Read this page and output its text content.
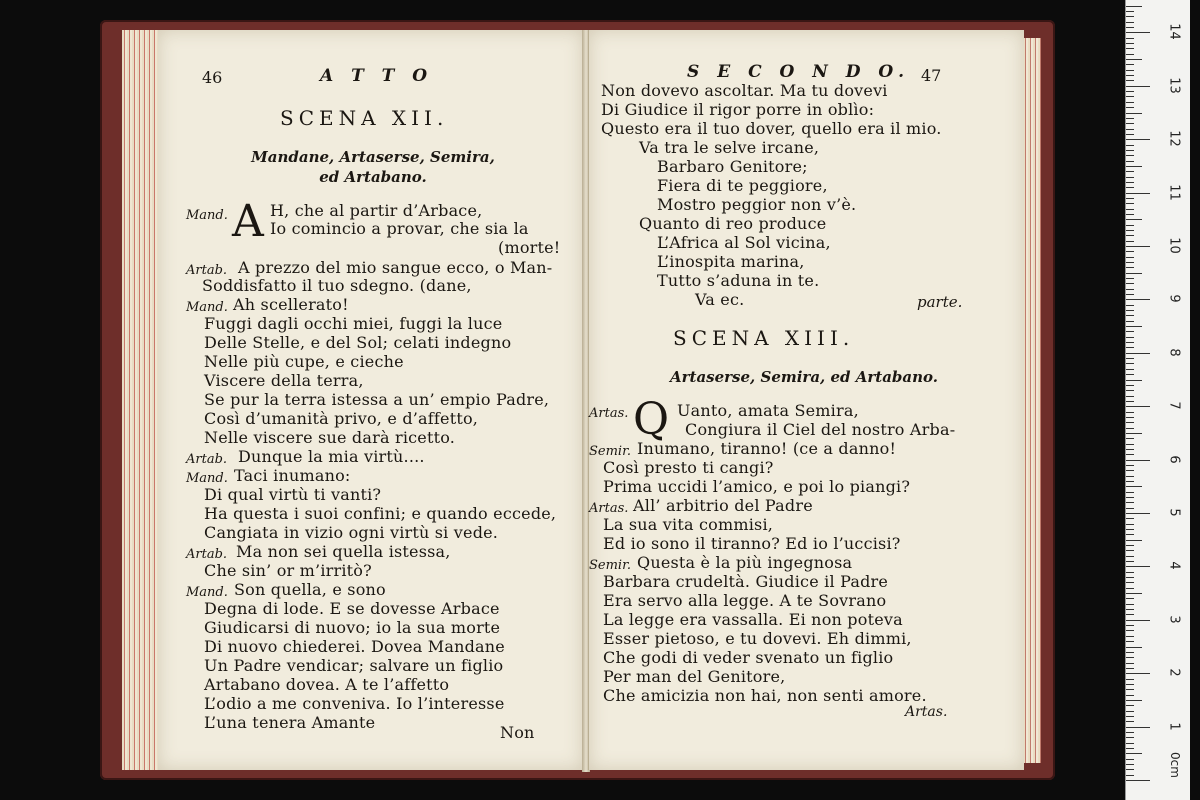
46	A T T O
SCENA XII.
Mandane, Artaserse, Semira,
ed Artabano.
Mand. A H, che al partir d’Arbace,
Io comincio a provar, che sia la
(morte!
Artab. A prezzo del mio sangue ecco, o Man-
Soddisfatto il tuo sdegno. (dane,
Mand. Ah scellerato!
Fuggi dagli occhi miei, fuggi la luce
Delle Stelle, e del Sol; celati indegno
Nelle più cupe, e cieche
Viscere della terra,
Se pur la terra istessa a un’ empio Padre,
Così d’umanità privo, e d’affetto,
Nelle viscere sue darà ricetto.
Artab. Dunque la mia virtù....
Mand. Taci inumano:
Di qual virtù ti vanti?
Ha questa i suoi confini; e quando eccede,
Cangiata in vizio ogni virtù si vede.
Artab. Ma non sei quella istessa,
Che sin’ or m’irritò?
Mand. Son quella, e sono
Degna di lode. E se dovesse Arbace
Giudicarsi di nuovo; io la sua morte
Di nuovo chiederei. Dovea Mandane
Un Padre vendicar; salvare un figlio
Artabano dovea. A te l’affetto
L’odio a me conveniva. Io l’interesse
L’una tenera Amante
Non
S E C O N D O. 47
Non dovevo ascoltar. Ma tu dovevi
Di Giudice il rigor porre in oblìo:
Questo era il tuo dover, quello era il mio.
Va tra le selve ircane,
Barbaro Genitore;
Fiera di te peggiore,
Mostro peggior non v’è.
Quanto di reo produce
L’Africa al Sol vicina,
L’inospita marina,
Tutto s’aduna in te.
Va ec.	parte.
SCENA XIII.
Artaserse, Semira, ed Artabano.
Artas. Q Uanto, amata Semira,
Congiura il Ciel del nostro Arba-
Semir. Inumano, tiranno! (ce a danno!
Così presto ti cangi?
Prima uccidi l’amico, e poi lo piangi?
Artas. All’ arbitrio del Padre
La sua vita commisi,
Ed io sono il tiranno? Ed io l’uccisi?
Semir. Questa è la più ingegnosa
Barbara crudeltà. Giudice il Padre
Era servo alla legge. A te Sovrano
La legge era vassalla. Ei non poteva
Esser pietoso, e tu dovevi. Eh dimmi,
Che godi di veder svenato un figlio
Per man del Genitore,
Che amicizia non hai, non senti amore.
Artas.
0cm
1
2
3
4
5
6
7
8
9
10
11
12
13
14
